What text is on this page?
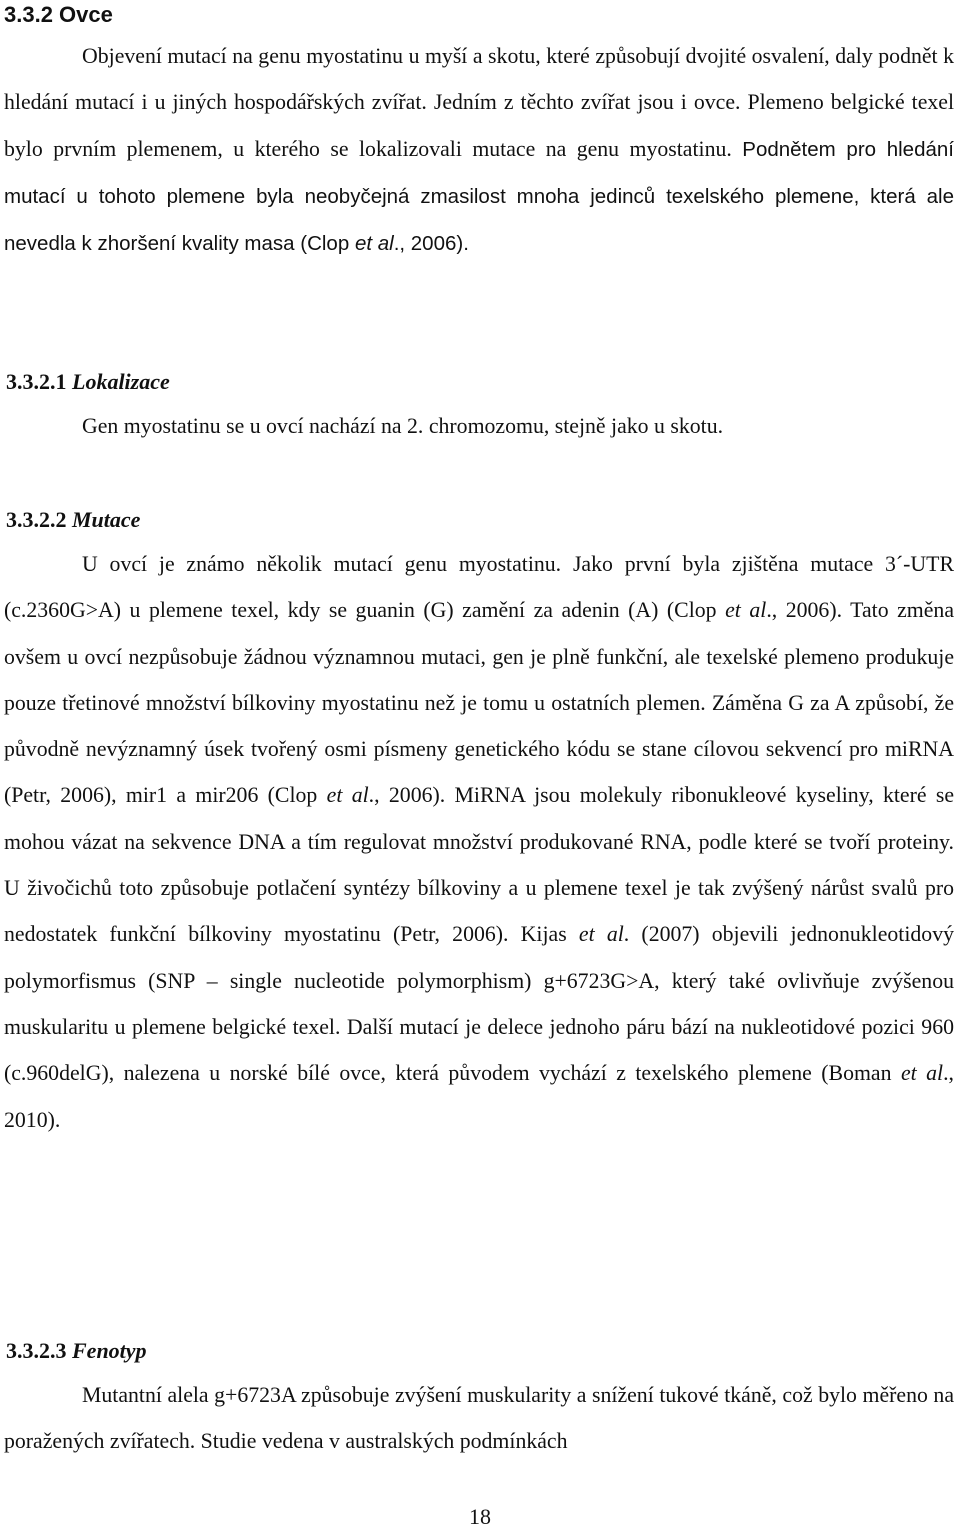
3.3.2 Ovce

Objevení mutací na genu myostatinu u myší a skotu, které způsobují dvojité osvalení, daly podnět k hledání mutací i u jiných hospodářských zvířat. Jedním z těchto zvířat jsou i ovce. Plemeno belgické texel bylo prvním plemenem, u kterého se lokalizovali mutace na genu myostatinu. Podnětem pro hledání mutací u tohoto plemene byla neobyčejná zmasilost mnoha jedinců texelského plemene, která ale nevedla k zhoršení kvality masa (Clop et al., 2006).

3.3.2.1 Lokalizace

Gen myostatinu se u ovcí nachází na 2. chromozomu, stejně jako u skotu.

3.3.2.2 Mutace

U ovcí je známo několik mutací genu myostatinu. Jako první byla zjištěna mutace 3´-UTR (c.2360G>A) u plemene texel, kdy se guanin (G) zamění za adenin (A) (Clop et al., 2006). Tato změna ovšem u ovcí nezpůsobuje žádnou významnou mutaci, gen je plně funkční, ale texelské plemeno produkuje pouze třetinové množství bílkoviny myostatinu než je tomu u ostatních plemen. Záměna G za A způsobí, že původně nevýznamný úsek tvořený osmi písmeny genetického kódu se stane cílovou sekvencí pro miRNA (Petr, 2006), mir1 a mir206 (Clop et al., 2006). MiRNA jsou molekuly ribonukleové kyseliny, které se mohou vázat na sekvence DNA a tím regulovat množství produkované RNA, podle které se tvoří proteiny. U živočichů toto způsobuje potlačení syntézy bílkoviny a u plemene texel je tak zvýšený nárůst svalů pro nedostatek funkční bílkoviny myostatinu (Petr, 2006). Kijas et al. (2007) objevili jednonukleotidový polymorfismus (SNP – single nucleotide polymorphism) g+6723G>A, který také ovlivňuje zvýšenou muskularitu u plemene belgické texel. Další mutací je delece jednoho páru bází na nukleotidové pozici 960 (c.960delG), nalezena u norské bílé ovce, která původem vychází z texelského plemene (Boman et al., 2010).

3.3.2.3 Fenotyp

Mutantní alela g+6723A způsobuje zvýšení muskularity a snížení tukové tkáně, což bylo měřeno na poražených zvířatech. Studie vedena v australských podmínkách

18
